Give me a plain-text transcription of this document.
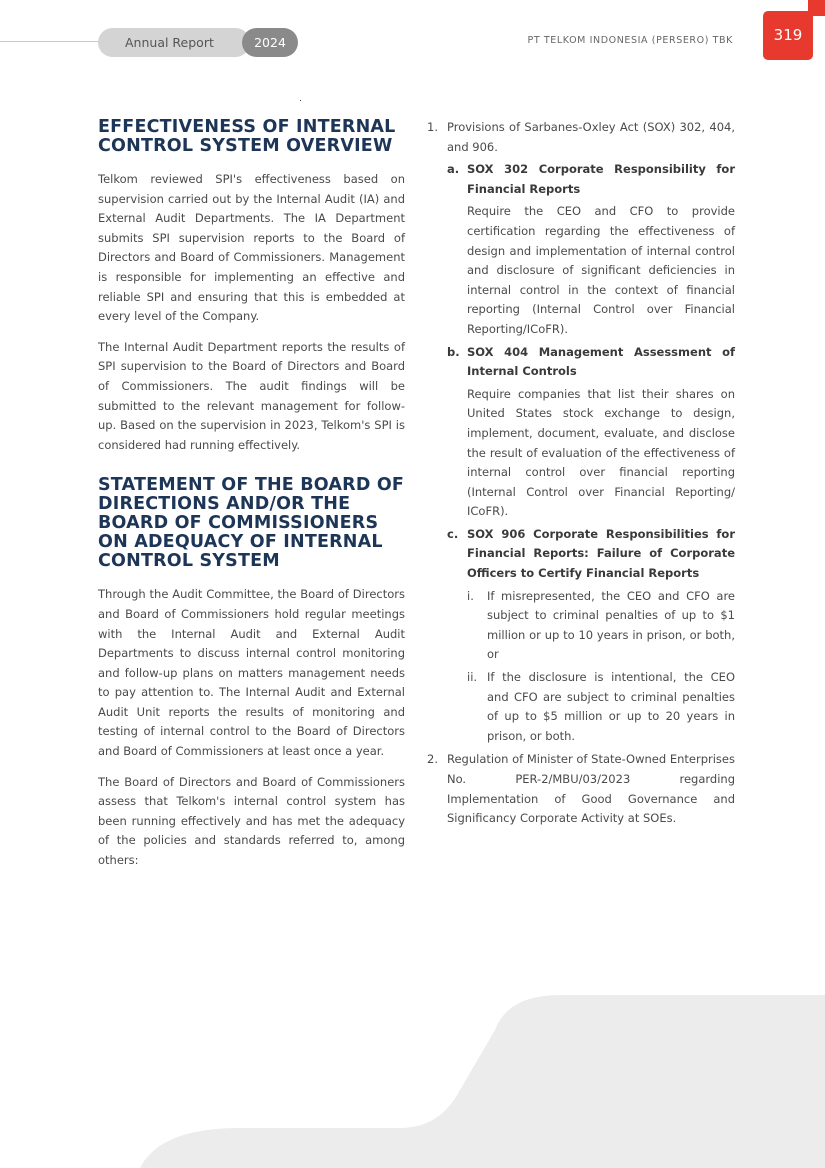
Annual Report	2024	PT TELKOM INDONESIA (PERSERO) TBK	319
EFFECTIVENESS OF INTERNAL CONTROL SYSTEM OVERVIEW

Telkom reviewed SPI's effectiveness based on supervision carried out by the Internal Audit (IA) and External Audit Departments. The IA Department submits SPI supervision reports to the Board of Directors and Board of Commissioners. Management is responsible for implementing an effective and reliable SPI and ensuring that this is embedded at every level of the Company.

The Internal Audit Department reports the results of SPI supervision to the Board of Directors and Board of Commissioners. The audit findings will be submitted to the relevant management for follow-up. Based on the supervision in 2023, Telkom's SPI is considered had running effectively.

STATEMENT OF THE BOARD OF DIRECTIONS AND/OR THE BOARD OF COMMISSIONERS ON ADEQUACY OF INTERNAL CONTROL SYSTEM

Through the Audit Committee, the Board of Directors and Board of Commissioners hold regular meetings with the Internal Audit and External Audit Departments to discuss internal control monitoring and follow-up plans on matters management needs to pay attention to. The Internal Audit and External Audit Unit reports the results of monitoring and testing of internal control to the Board of Directors and Board of Commissioners at least once a year.

The Board of Directors and Board of Commissioners assess that Telkom's internal control system has been running effectively and has met the adequacy of the policies and standards referred to, among others:

1. Provisions of Sarbanes-Oxley Act (SOX) 302, 404, and 906.
a. SOX 302 Corporate Responsibility for Financial Reports
Require the CEO and CFO to provide certification regarding the effectiveness of design and implementation of internal control and disclosure of significant deficiencies in internal control in the context of financial reporting (Internal Control over Financial Reporting/ICoFR).
b. SOX 404 Management Assessment of Internal Controls
Require companies that list their shares on United States stock exchange to design, implement, document, evaluate, and disclose the result of evaluation of the effectiveness of internal control over financial reporting (Internal Control over Financial Reporting/ ICoFR).
c. SOX 906 Corporate Responsibilities for Financial Reports: Failure of Corporate Officers to Certify Financial Reports
i. If misrepresented, the CEO and CFO are subject to criminal penalties of up to $1 million or up to 10 years in prison, or both, or
ii. If the disclosure is intentional, the CEO and CFO are subject to criminal penalties of up to $5 million or up to 20 years in prison, or both.
2. Regulation of Minister of State-Owned Enterprises No. PER-2/MBU/03/2023 regarding Implementation of Good Governance and Significancy Corporate Activity at SOEs.
